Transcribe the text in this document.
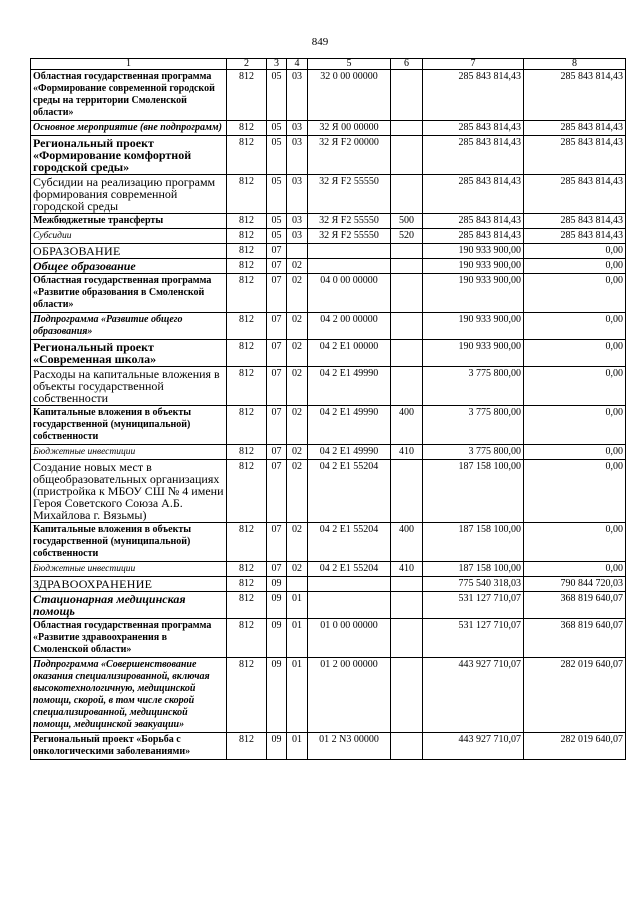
849
1	2	3	4	5	6	7	8
Областная государственная программа «Формирование современной городской среды на территории Смоленской области»	812	05	03	32 0 00 00000		285 843 814,43	285 843 814,43
Основное мероприятие (вне подпрограмм)	812	05	03	32 Я 00 00000		285 843 814,43	285 843 814,43
Региональный проект «Формирование комфортной городской среды»	812	05	03	32 Я F2 00000		285 843 814,43	285 843 814,43
Субсидии на реализацию программ формирования современной городской среды	812	05	03	32 Я F2 55550		285 843 814,43	285 843 814,43
Межбюджетные трансферты	812	05	03	32 Я F2 55550	500	285 843 814,43	285 843 814,43
Субсидии	812	05	03	32 Я F2 55550	520	285 843 814,43	285 843 814,43
ОБРАЗОВАНИЕ	812	07				190 933 900,00	0,00
Общее образование	812	07	02			190 933 900,00	0,00
Областная государственная программа «Развитие образования в Смоленской области»	812	07	02	04 0 00 00000		190 933 900,00	0,00
Подпрограмма «Развитие общего образования»	812	07	02	04 2 00 00000		190 933 900,00	0,00
Региональный проект «Современная школа»	812	07	02	04 2 E1 00000		190 933 900,00	0,00
Расходы на капитальные вложения в объекты государственной собственности	812	07	02	04 2 E1 49990		3 775 800,00	0,00
Капитальные вложения в объекты государственной (муниципальной) собственности	812	07	02	04 2 E1 49990	400	3 775 800,00	0,00
Бюджетные инвестиции	812	07	02	04 2 E1 49990	410	3 775 800,00	0,00
Создание новых мест в общеобразовательных организациях (пристройка к МБОУ СШ № 4 имени Героя Советского Союза А.Б. Михайлова г. Вязьмы)	812	07	02	04 2 E1 55204		187 158 100,00	0,00
Капитальные вложения в объекты государственной (муниципальной) собственности	812	07	02	04 2 E1 55204	400	187 158 100,00	0,00
Бюджетные инвестиции	812	07	02	04 2 E1 55204	410	187 158 100,00	0,00
ЗДРАВООХРАНЕНИЕ	812	09				775 540 318,03	790 844 720,03
Стационарная медицинская помощь	812	09	01			531 127 710,07	368 819 640,07
Областная государственная программа «Развитие здравоохранения в Смоленской области»	812	09	01	01 0 00 00000		531 127 710,07	368 819 640,07
Подпрограмма «Совершенствование оказания специализированной, включая высокотехнологичную, медицинской помощи, скорой, в том числе скорой специализированной, медицинской помощи, медицинской эвакуации»	812	09	01	01 2 00 00000		443 927 710,07	282 019 640,07
Региональный проект «Борьба с онкологическими заболеваниями»	812	09	01	01 2 N3 00000		443 927 710,07	282 019 640,07
